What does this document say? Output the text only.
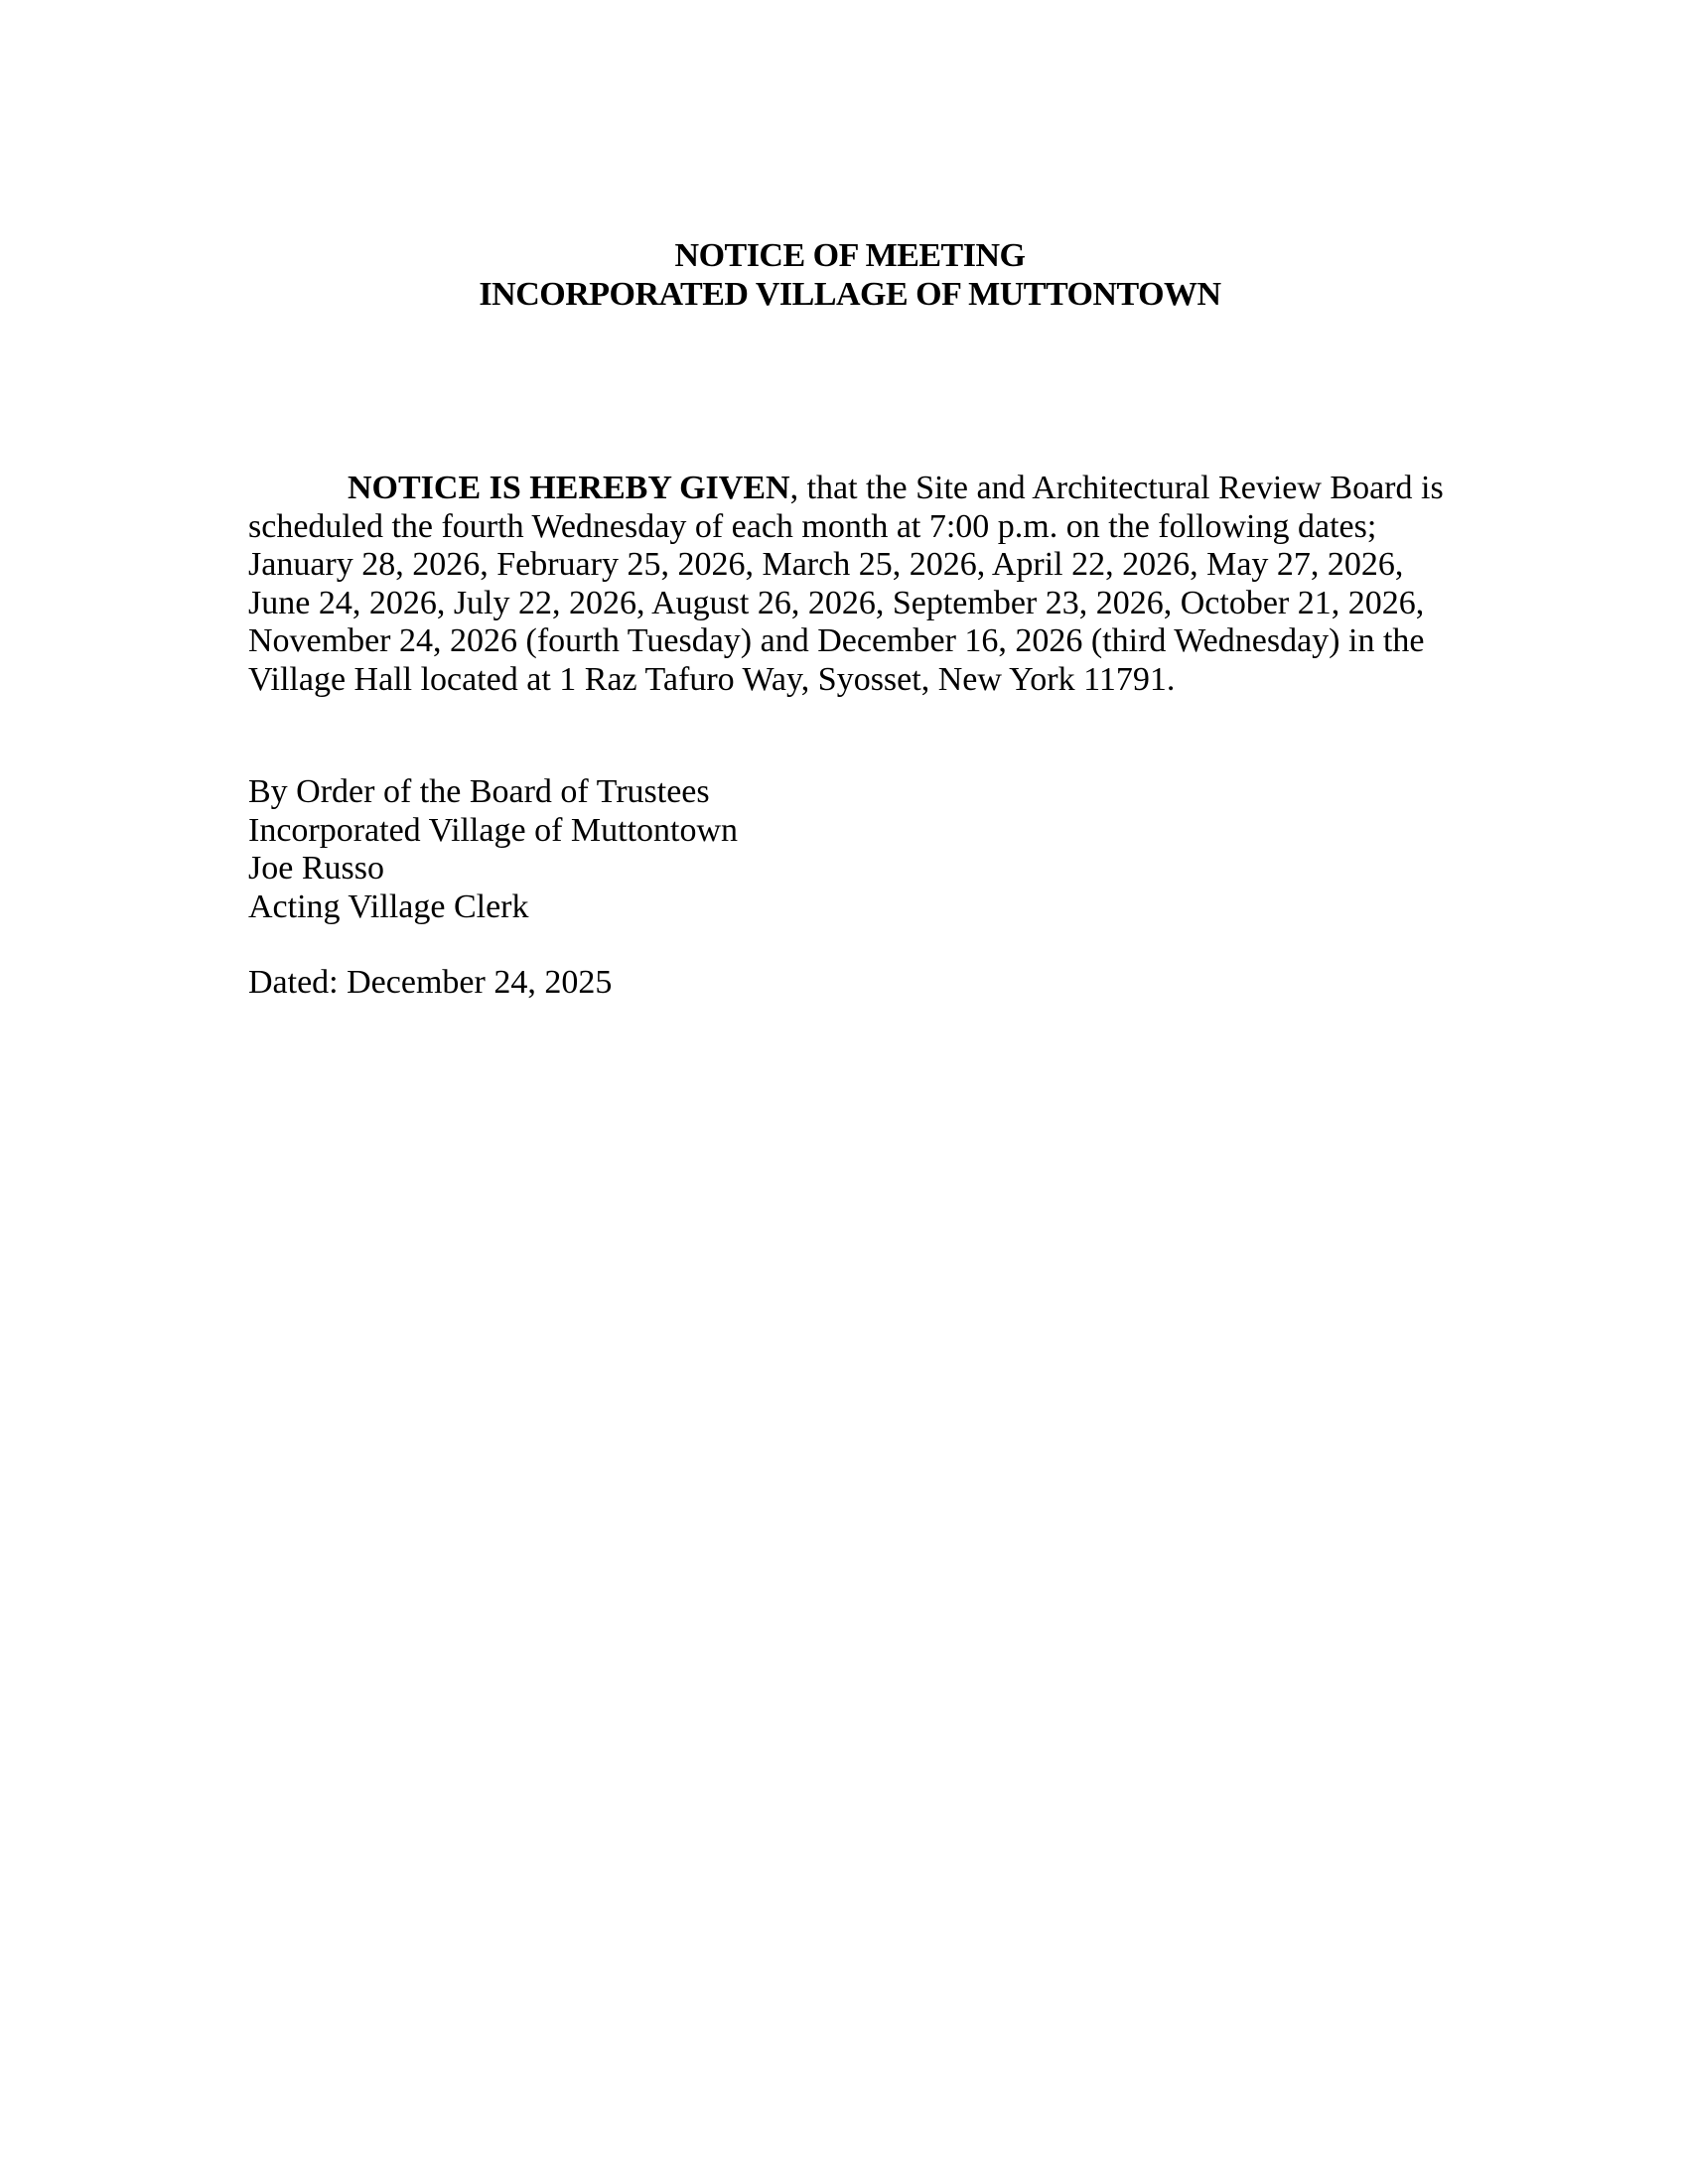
NOTICE OF MEETING
INCORPORATED VILLAGE OF MUTTONTOWN
NOTICE IS HEREBY GIVEN, that the Site and Architectural Review Board is
scheduled the fourth Wednesday of each month at 7:00 p.m. on the following dates;
January 28, 2026, February 25, 2026, March 25, 2026, April 22, 2026, May 27, 2026,
June 24, 2026, July 22, 2026, August 26, 2026, September 23, 2026, October 21, 2026,
November 24, 2026 (fourth Tuesday) and December 16, 2026 (third Wednesday) in the
Village Hall located at 1 Raz Tafuro Way, Syosset, New York 11791.
By Order of the Board of Trustees
Incorporated Village of Muttontown
Joe Russo
Acting Village Clerk
Dated: December 24, 2025
